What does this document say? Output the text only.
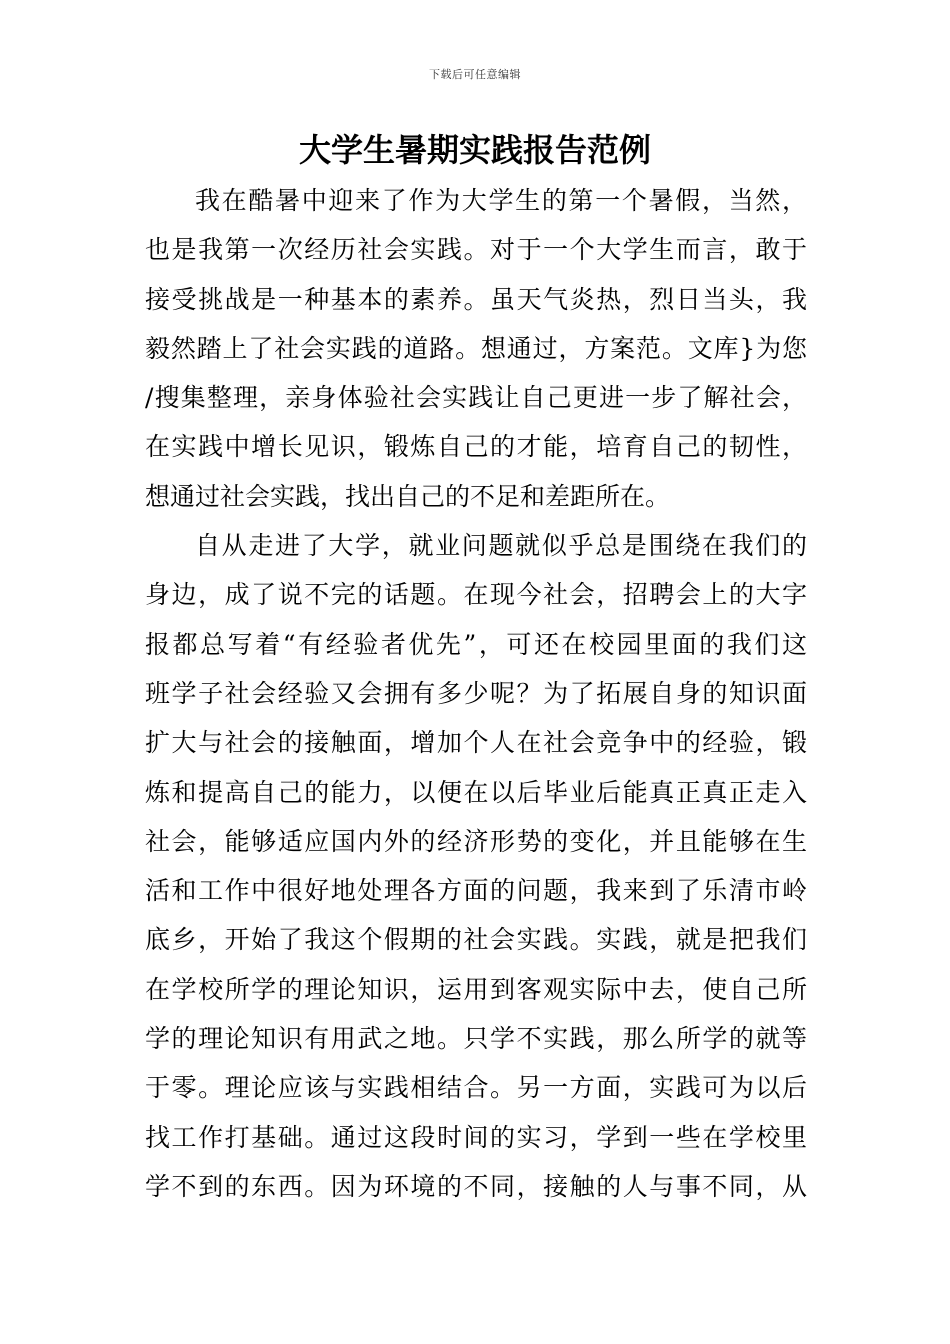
下载后可任意编辑
大学生暑期实践报告范例
我在酷暑中迎来了作为大学生的第一个暑假，当然，
也是我第一次经历社会实践。对于一个大学生而言，敢于
接受挑战是一种基本的素养。虽天气炎热，烈日当头，我
毅然踏上了社会实践的道路。想通过，方案范。文库}为您
/搜集整理，亲身体验社会实践让自己更进一步了解社会，
在实践中增长见识，锻炼自己的才能，培育自己的韧性，
想通过社会实践，找出自己的不足和差距所在。
自从走进了大学，就业问题就似乎总是围绕在我们的
身边，成了说不完的话题。在现今社会，招聘会上的大字
报都总写着“有经验者优先”，可还在校园里面的我们这
班学子社会经验又会拥有多少呢？为了拓展自身的知识面
扩大与社会的接触面，增加个人在社会竞争中的经验，锻
炼和提高自己的能力，以便在以后毕业后能真正真正走入
社会，能够适应国内外的经济形势的变化，并且能够在生
活和工作中很好地处理各方面的问题，我来到了乐清市岭
底乡，开始了我这个假期的社会实践。实践，就是把我们
在学校所学的理论知识，运用到客观实际中去，使自己所
学的理论知识有用武之地。只学不实践，那么所学的就等
于零。理论应该与实践相结合。另一方面，实践可为以后
找工作打基础。通过这段时间的实习，学到一些在学校里
学不到的东西。因为环境的不同，接触的人与事不同，从
